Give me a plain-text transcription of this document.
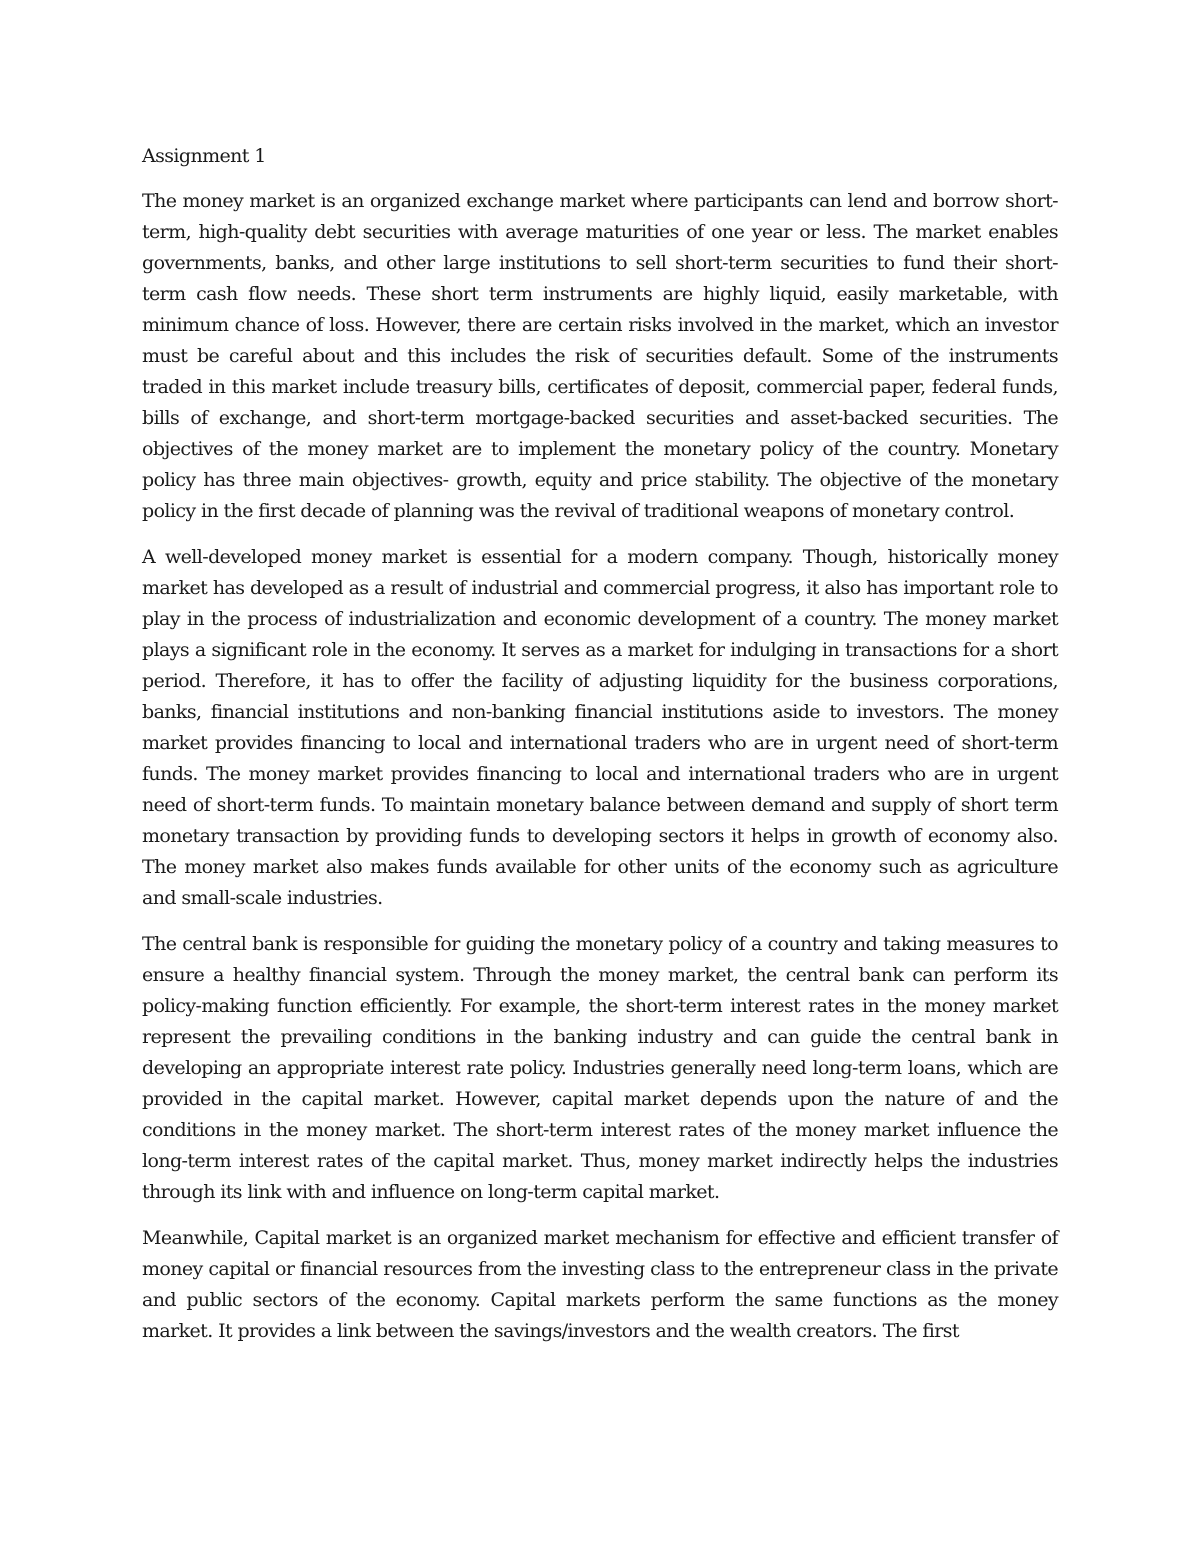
Assignment 1

The money market is an organized exchange market where participants can lend and borrow short-term, high-quality debt securities with average maturities of one year or less. The market enables governments, banks, and other large institutions to sell short-term securities to fund their short-term cash flow needs. These short term instruments are highly liquid, easily marketable, with minimum chance of loss. However, there are certain risks involved in the market, which an investor must be careful about and this includes the risk of securities default. Some of the instruments traded in this market include treasury bills, certificates of deposit, commercial paper, federal funds, bills of exchange, and short-term mortgage-backed securities and asset-backed securities. The objectives of the money market are to implement the monetary policy of the country. Monetary policy has three main objectives- growth, equity and price stability. The objective of the monetary policy in the first decade of planning was the revival of traditional weapons of monetary control.

A well-developed money market is essential for a modern company. Though, historically money market has developed as a result of industrial and commercial progress, it also has important role to play in the process of industrialization and economic development of a country. The money market plays a significant role in the economy. It serves as a market for indulging in transactions for a short period. Therefore, it has to offer the facility of adjusting liquidity for the business corporations, banks, financial institutions and non-banking financial institutions aside to investors. The money market provides financing to local and international traders who are in urgent need of short-term funds. The money market provides financing to local and international traders who are in urgent need of short-term funds. To maintain monetary balance between demand and supply of short term monetary transaction by providing funds to developing sectors it helps in growth of economy also. The money market also makes funds available for other units of the economy such as agriculture and small-scale industries.

The central bank is responsible for guiding the monetary policy of a country and taking measures to ensure a healthy financial system. Through the money market, the central bank can perform its policy-making function efficiently. For example, the short-term interest rates in the money market represent the prevailing conditions in the banking industry and can guide the central bank in developing an appropriate interest rate policy. Industries generally need long-term loans, which are provided in the capital market. However, capital market depends upon the nature of and the conditions in the money market. The short-term interest rates of the money market influence the long-term interest rates of the capital market. Thus, money market indirectly helps the industries through its link with and influence on long-term capital market.

Meanwhile, Capital market is an organized market mechanism for effective and efficient transfer of money capital or financial resources from the investing class to the entrepreneur class in the private and public sectors of the economy. Capital markets perform the same functions as the money market. It provides a link between the savings/investors and the wealth creators. The first
